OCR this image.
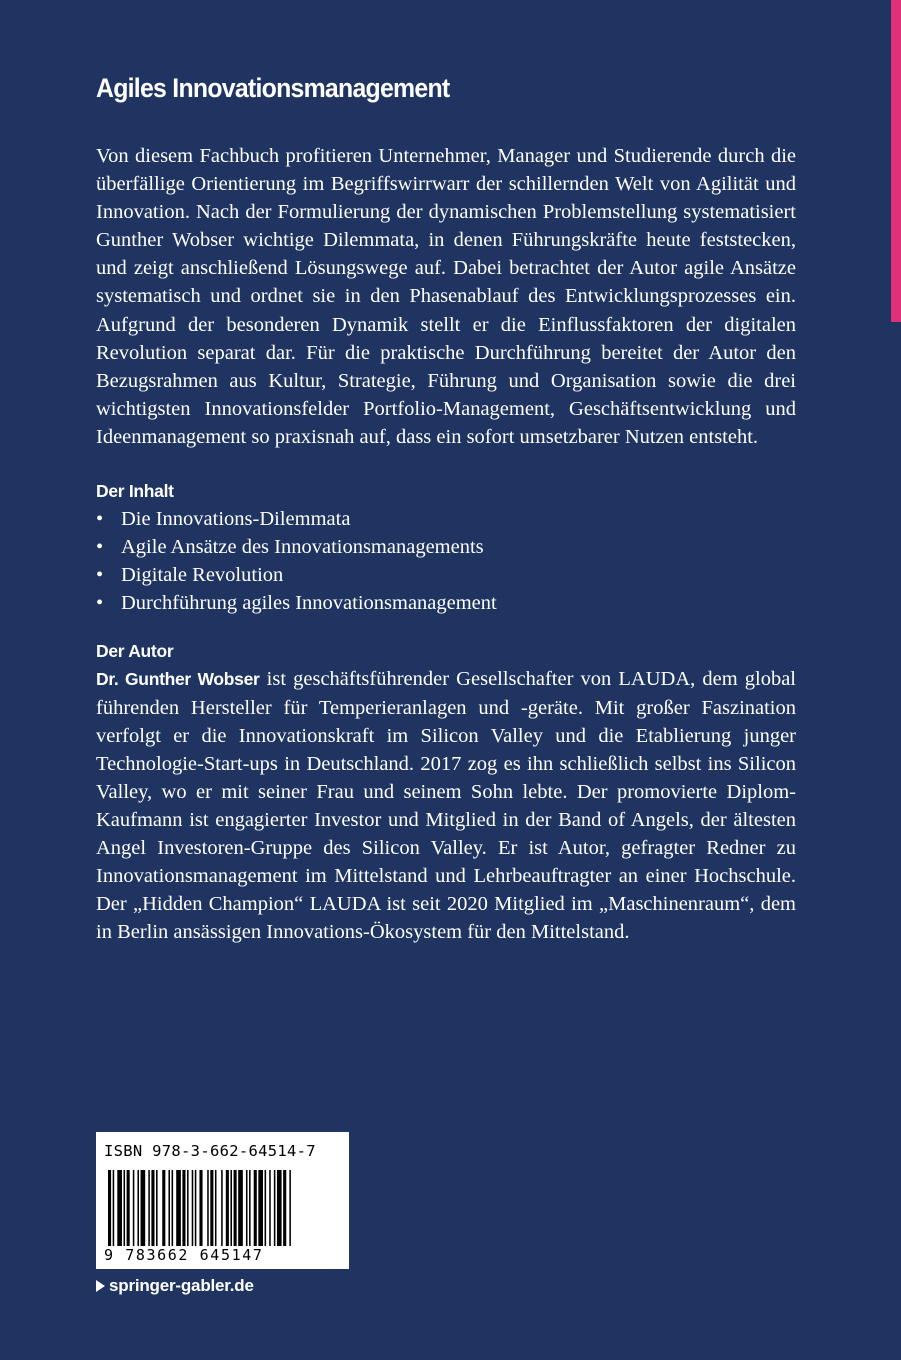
Agiles Innovationsmanagement

Von diesem Fachbuch profitieren Unternehmer, Manager und Studierende durch die überfällige Orientierung im Begriffswirrwarr der schillernden Welt von Agilität und Innovation. Nach der Formulierung der dynamischen Problemstellung systematisiert Gunther Wobser wichtige Dilemmata, in denen Führungskräfte heute feststecken, und zeigt anschließend Lösungswege auf. Dabei betrachtet der Autor agile Ansätze systematisch und ordnet sie in den Phasenablauf des Entwicklungsprozesses ein. Aufgrund der besonderen Dynamik stellt er die Einflussfaktoren der digitalen Revolution separat dar. Für die praktische Durchführung bereitet der Autor den Bezugsrahmen aus Kultur, Strategie, Führung und Organisation sowie die drei wichtigsten Innovationsfelder Portfolio-Management, Geschäftsentwicklung und Ideenmanagement so praxisnah auf, dass ein sofort umsetzbarer Nutzen entsteht.

Der Inhalt
• Die Innovations-Dilemmata
• Agile Ansätze des Innovationsmanagements
• Digitale Revolution
• Durchführung agiles Innovationsmanagement
Der Autor

Dr. Gunther Wobser ist geschäftsführender Gesellschafter von LAUDA, dem global führenden Hersteller für Temperieranlagen und -geräte. Mit großer Faszination verfolgt er die Innovationskraft im Silicon Valley und die Etablierung junger Technologie-Start-ups in Deutschland. 2017 zog es ihn schließlich selbst ins Silicon Valley, wo er mit seiner Frau und seinem Sohn lebte. Der promovierte Diplom-Kaufmann ist engagierter Investor und Mitglied in der Band of Angels, der ältesten Angel Investoren-Gruppe des Silicon Valley. Er ist Autor, gefragter Redner zu Innovationsmanagement im Mittelstand und Lehrbeauftragter an einer Hochschule. Der „Hidden Champion“ LAUDA ist seit 2020 Mitglied im „Maschinenraum“, dem in Berlin ansässigen Innovations-Ökosystem für den Mittelstand.

ISBN 978-3-662-64514-7
9 783662 645147
springer-gabler.de
